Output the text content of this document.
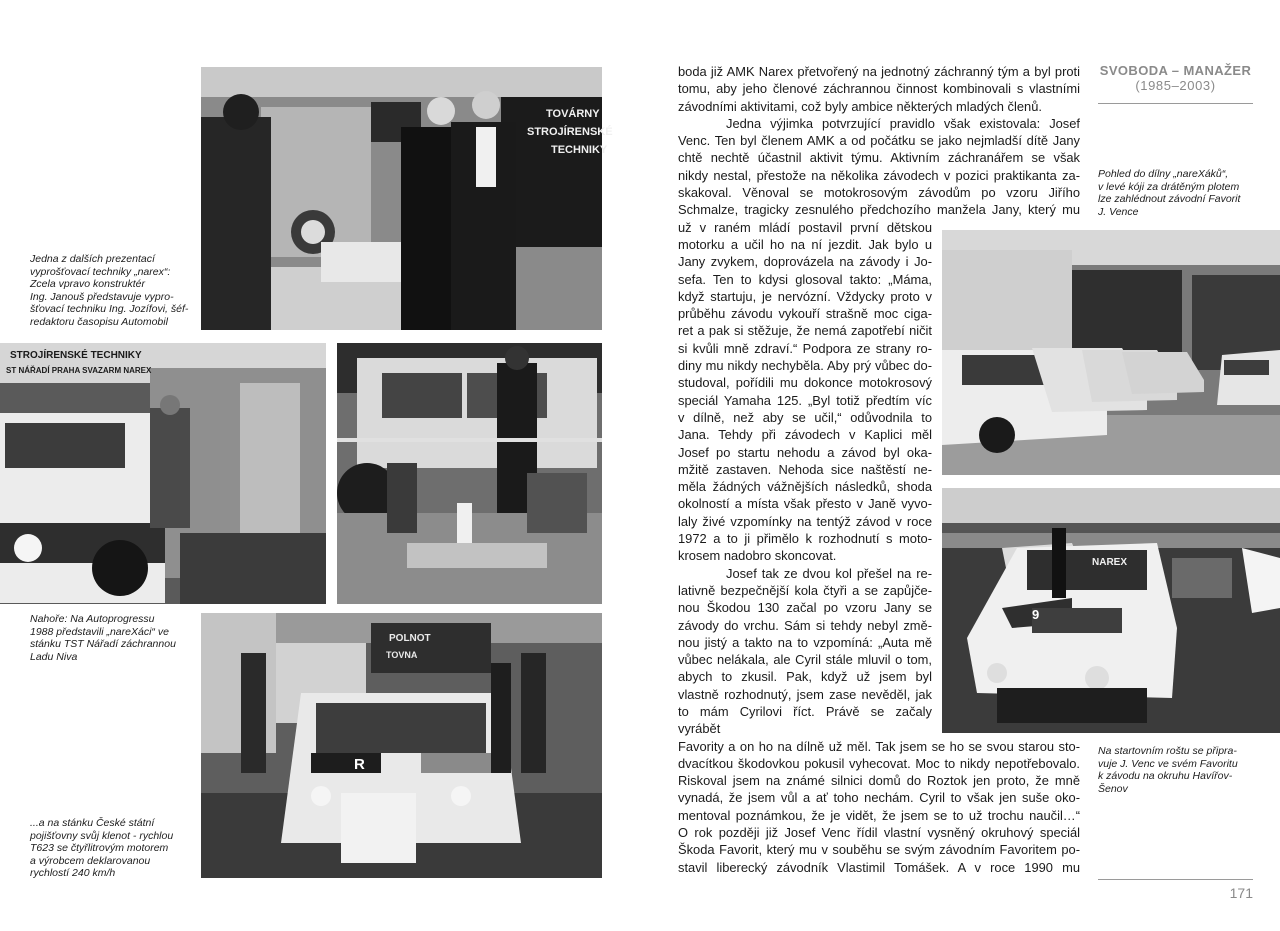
TOVÁRNY
STROJÍRENSKÉ
TECHNIKY
Jedna z dalších prezentací
vyprošťovací techniky „narex“:
Zcela vpravo konstruktér
Ing. Janouš představuje vypro-
šťovací techniku Ing. Jozífovi, šéf-
redaktoru časopisu Automobil
STROJÍRENSKÉ TECHNIKY
ST NÁŘADÍ PRAHA SVAZARM NAREX
Nahoře: Na Autoprogressu
1988 představili „nareXáci“ ve
stánku TST Nářadí záchrannou
Ladu Niva
POLNOT
TOVNA
R
...a na stánku České státní
pojišťovny svůj klenot - rychlou
T623 se čtyřlitrovým motorem
a výrobcem deklarovanou
rychlostí 240 km/h
SVOBODA – MANAŽER
(1985–2003)
boda již AMK Narex přetvořený na jednotný záchranný tým a byl proti
tomu, aby jeho členové záchrannou činnost kombinovali s vlastními
závodními aktivitami, což byly ambice některých mladých členů.
Jedna výjimka potvrzující pravidlo však existovala: Josef
Venc. Ten byl členem AMK a od počátku se jako nejmladší dítě Jany
chtě nechtě účastnil aktivit týmu. Aktivním záchranářem se však
nikdy nestal, přestože na několika závodech v pozici praktikanta za-
skakoval. Věnoval se motokrosovým závodům po vzoru Jiřího
Schmalze, tragicky zesnulého předchozího manžela Jany, který mu
už v raném mládí postavil první dětskou
motorku a učil ho na ní jezdit. Jak bylo u
Jany zvykem, doprovázela na závody i Jo-
sefa. Ten to kdysi glosoval takto: „Máma,
když startuju, je nervózní. Vždycky proto v
průběhu závodu vykouří strašně moc ciga-
ret a pak si stěžuje, že nemá zapotřebí ničit
si kvůli mně zdraví.“ Podpora ze strany ro-
diny mu nikdy nechyběla. Aby prý vůbec do-
studoval, pořídili mu dokonce motokrosový
speciál Yamaha 125. „Byl totiž předtím víc
v dílně, než aby se učil,“ odůvodnila to
Jana. Tehdy při závodech v Kaplici měl
Josef po startu nehodu a závod byl oka-
mžitě zastaven. Nehoda sice naštěstí ne-
měla žádných vážnějších následků, shoda
okolností a místa však přesto v Janě vyvo-
laly živé vzpomínky na tentýž závod v roce
1972 a to ji přimělo k rozhodnutí s moto-
krosem nadobro skoncovat.
Josef tak ze dvou kol přešel na re-
lativně bezpečnější kola čtyři a se zapůjče-
nou Škodou 130 začal po vzoru Jany se
závody do vrchu. Sám si tehdy nebyl změ-
nou jistý a takto na to vzpomíná: „Auta mě
vůbec nelákala, ale Cyril stále mluvil o tom,
abych to zkusil. Pak, když už jsem byl
vlastně rozhodnutý, jsem zase nevěděl, jak
to mám Cyrilovi říct. Právě se začaly vyrábět
Favority a on ho na dílně už měl. Tak jsem se ho se svou starou sto-
dvacítkou škodovkou pokusil vyhecovat. Moc to nikdy nepotřebovalo.
Riskoval jsem na známé silnici domů do Roztok jen proto, že mně
vynadá, že jsem vůl a ať toho nechám. Cyril to však jen suše oko-
mentoval poznámkou, že je vidět, že jsem se to už trochu naučil…“
O rok později již Josef Venc řídil vlastní vysněný okruhový speciál
Škoda Favorit, který mu v souběhu se svým závodním Favoritem po-
stavil liberecký závodník Vlastimil Tomášek. A v roce 1990 mu
Pohled do dílny „nareXáků“,
v levé kóji za drátěným plotem
lze zahlédnout závodní Favorit
J. Vence
NAREX
9
Na startovním roštu se připra-
vuje J. Venc ve svém Favoritu
k závodu na okruhu Havířov-
Šenov
171
